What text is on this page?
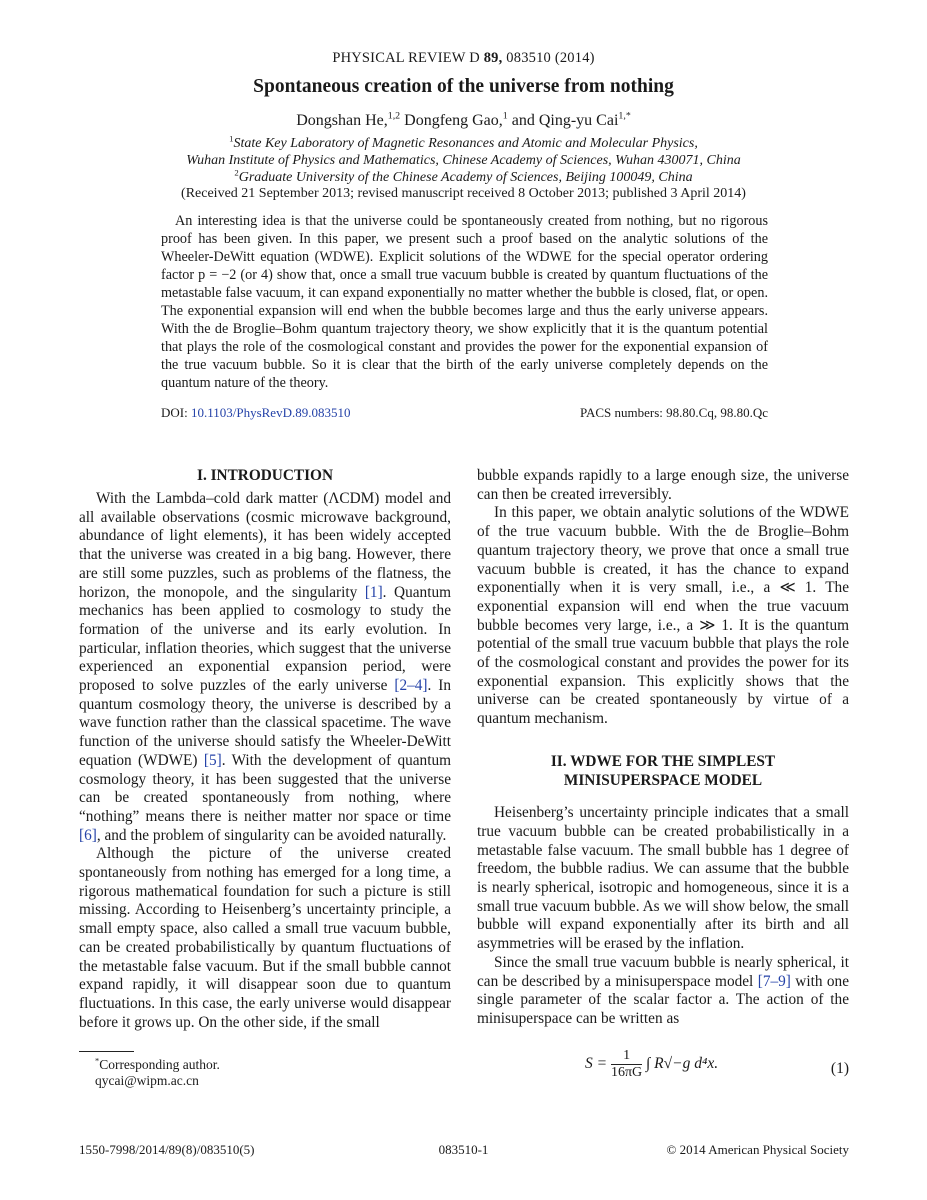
PHYSICAL REVIEW D 89, 083510 (2014)
Spontaneous creation of the universe from nothing
Dongshan He,$^{1,2}$ Dongfeng Gao,$^1$ and Qing-yu Cai$^{1,*}$
$^1$State Key Laboratory of Magnetic Resonances and Atomic and Molecular Physics,
Wuhan Institute of Physics and Mathematics, Chinese Academy of Sciences, Wuhan 430071, China
$^2$Graduate University of the Chinese Academy of Sciences, Beijing 100049, China
(Received 21 September 2013; revised manuscript received 8 October 2013; published 3 April 2014)

An interesting idea is that the universe could be spontaneously created from nothing, but no rigorous proof has been given. In this paper, we present such a proof based on the analytic solutions of the Wheeler-DeWitt equation (WDWE). Explicit solutions of the WDWE for the special operator ordering factor p = −2 (or 4) show that, once a small true vacuum bubble is created by quantum fluctuations of the metastable false vacuum, it can expand exponentially no matter whether the bubble is closed, flat, or open. The exponential expansion will end when the bubble becomes large and thus the early universe appears. With the de Broglie–Bohm quantum trajectory theory, we show explicitly that it is the quantum potential that plays the role of the cosmological constant and provides the power for the exponential expansion of the true vacuum bubble. So it is clear that the birth of the early universe completely depends on the quantum nature of the theory.

DOI: 10.1103/PhysRevD.89.083510	PACS numbers: 98.80.Cq, 98.80.Qc
I. INTRODUCTION

With the Lambda–cold dark matter (ΛCDM) model and all available observations (cosmic microwave background, abundance of light elements), it has been widely accepted that the universe was created in a big bang. However, there are still some puzzles, such as problems of the flatness, the horizon, the monopole, and the singularity [1]. Quantum mechanics has been applied to cosmology to study the formation of the universe and its early evolution. In particular, inflation theories, which suggest that the universe experienced an exponential expansion period, were proposed to solve puzzles of the early universe [2–4]. In quantum cosmology theory, the universe is described by a wave function rather than the classical spacetime. The wave function of the universe should satisfy the Wheeler-DeWitt equation (WDWE) [5]. With the development of quantum cosmology theory, it has been suggested that the universe can be created spontaneously from nothing, where “nothing” means there is neither matter nor space or time [6], and the problem of singularity can be avoided naturally.

Although the picture of the universe created spontaneously from nothing has emerged for a long time, a rigorous mathematical foundation for such a picture is still missing. According to Heisenberg’s uncertainty principle, a small empty space, also called a small true vacuum bubble, can be created probabilistically by quantum fluctuations of the metastable false vacuum. But if the small bubble cannot expand rapidly, it will disappear soon due to quantum fluctuations. In this case, the early universe would disappear before it grows up. On the other side, if the small

*Corresponding author.
qycai@wipm.ac.cn

bubble expands rapidly to a large enough size, the universe can then be created irreversibly.

In this paper, we obtain analytic solutions of the WDWE of the true vacuum bubble. With the de Broglie–Bohm quantum trajectory theory, we prove that once a small true vacuum bubble is created, it has the chance to expand exponentially when it is very small, i.e., a ≪ 1. The exponential expansion will end when the true vacuum bubble becomes very large, i.e., a ≫ 1. It is the quantum potential of the small true vacuum bubble that plays the role of the cosmological constant and provides the power for its exponential expansion. This explicitly shows that the universe can be created spontaneously by virtue of a quantum mechanism.

II. WDWE FOR THE SIMPLEST
MINISUPERSPACE MODEL

Heisenberg’s uncertainty principle indicates that a small true vacuum bubble can be created probabilistically in a metastable false vacuum. The small bubble has 1 degree of freedom, the bubble radius. We can assume that the bubble is nearly spherical, isotropic and homogeneous, since it is a small true vacuum bubble. As we will show below, the small bubble will expand exponentially after its birth and all asymmetries will be erased by the inflation.

Since the small true vacuum bubble is nearly spherical, it can be described by a minisuperspace model [7–9] with one single parameter of the scalar factor a. The action of the minisuperspace can be written as

$S = \frac{1}{16\pi G}$ ∫ R√−g d⁴x.	(1)
1550-7998/2014/89(8)/083510(5)	083510-1	© 2014 American Physical Society
